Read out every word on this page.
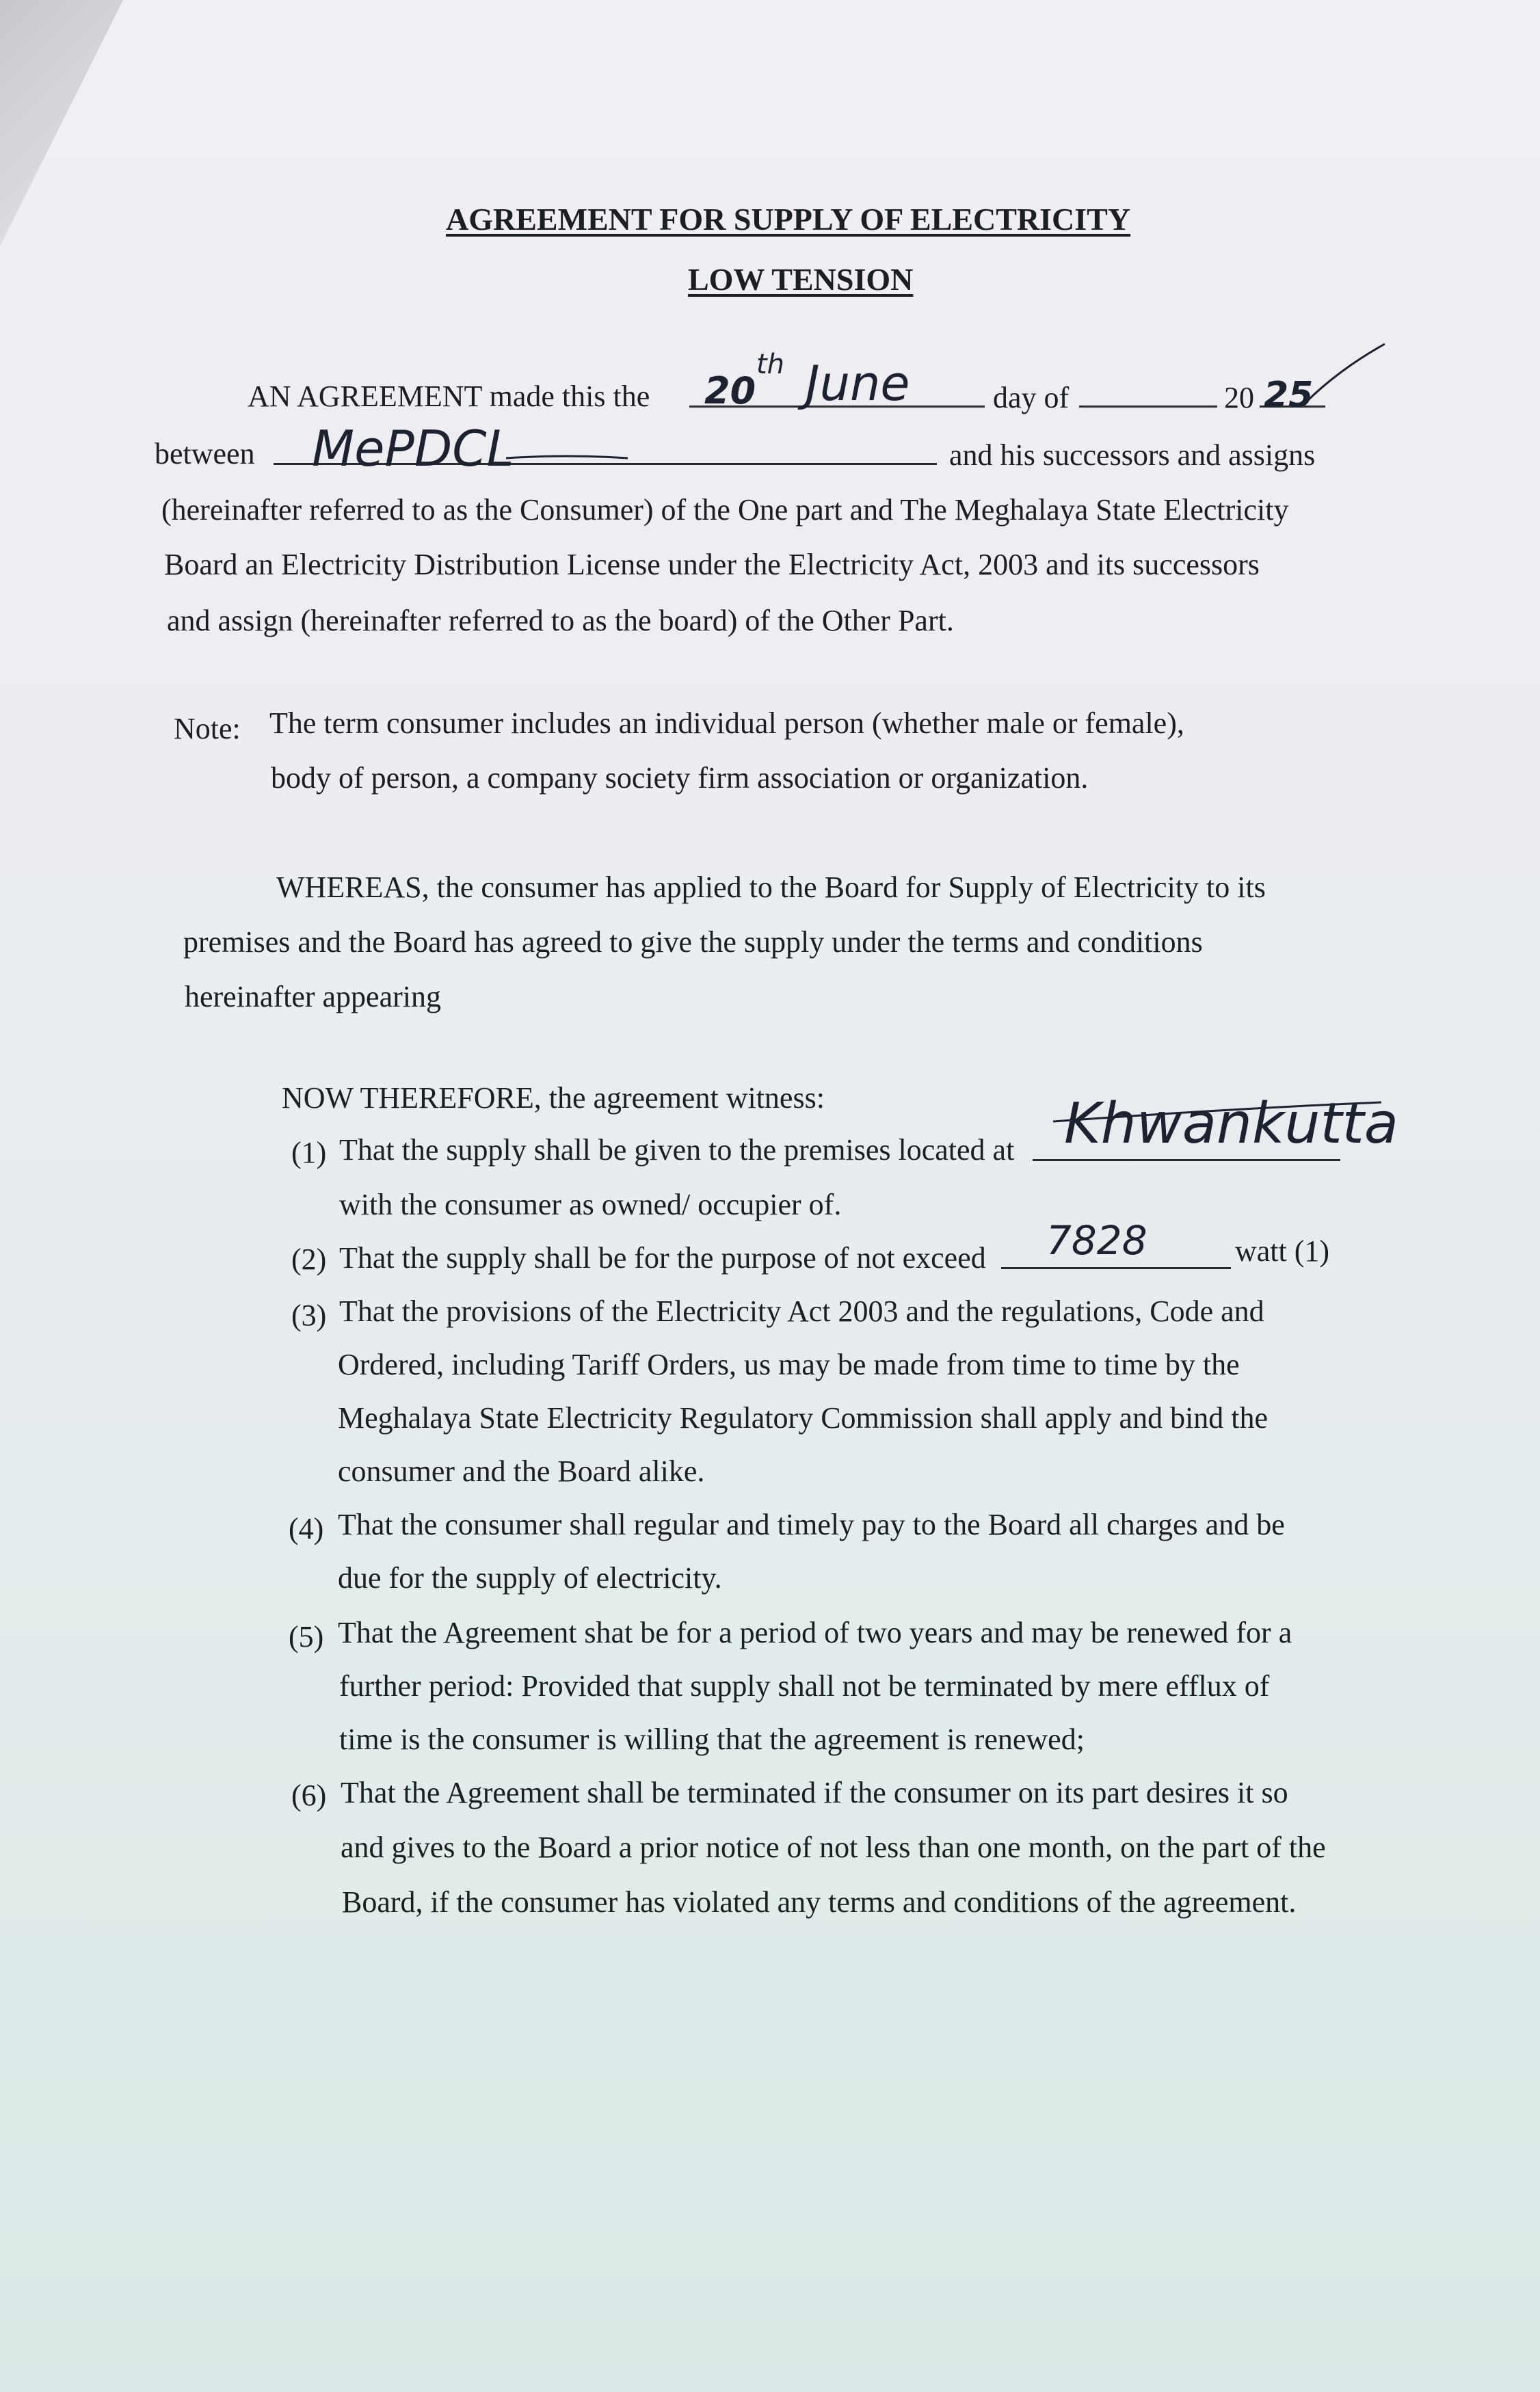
AGREEMENT FOR SUPPLY OF ELECTRICITY
LOW TENSION
AN AGREEMENT made this the	day of	20
20
th June	25
between	and his successors and assigns
MePDCL
(hereinafter referred to as the Consumer) of the One part and The Meghalaya State Electricity
Board an Electricity Distribution License under the Electricity Act, 2003 and its successors
and assign (hereinafter referred to as the board) of the Other Part.
Note: The term consumer includes an individual person (whether male or female),
body of person, a company society firm association or organization.
WHEREAS, the consumer has applied to the Board for Supply of Electricity to its
premises and the Board has agreed to give the supply under the terms and conditions
hereinafter appearing
NOW THEREFORE, the agreement witness:
(1) That the supply shall be given to the premises located at Khwankutta
with the consumer as owned/ occupier of.
(2) That the supply shall be for the purpose of not exceed 7828	watt (1)
(3) That the provisions of the Electricity Act 2003 and the regulations, Code and
Ordered, including Tariff Orders, us may be made from time to time by the
Meghalaya State Electricity Regulatory Commission shall apply and bind the
consumer and the Board alike.
(4) That the consumer shall regular and timely pay to the Board all charges and be
due for the supply of electricity.
(5) That the Agreement shat be for a period of two years and may be renewed for a
further period: Provided that supply shall not be terminated by mere efflux of
time is the consumer is willing that the agreement is renewed;
(6) That the Agreement shall be terminated if the consumer on its part desires it so
and gives to the Board a prior notice of not less than one month, on the part of the
Board, if the consumer has violated any terms and conditions of the agreement.
